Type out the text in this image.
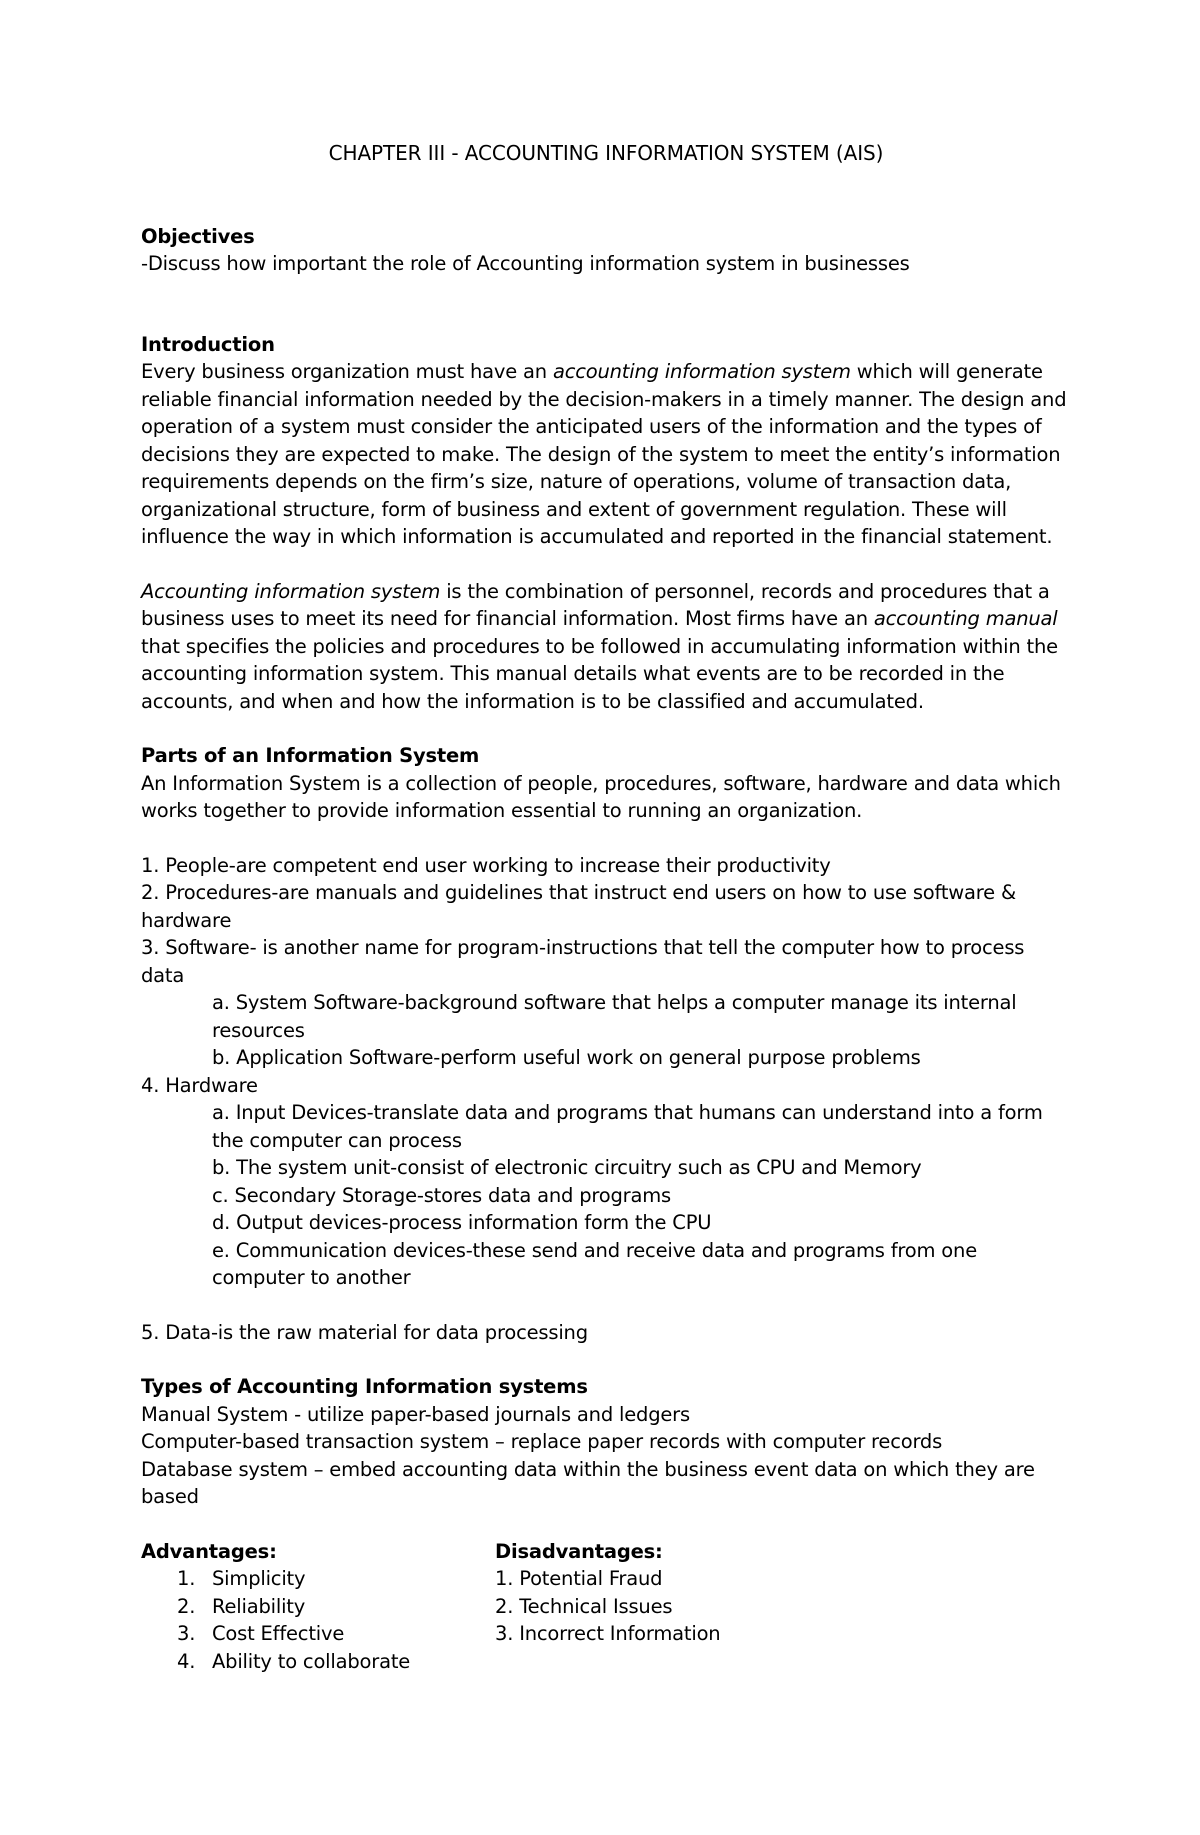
CHAPTER III - ACCOUNTING INFORMATION SYSTEM (AIS)

Objectives

-Discuss how important the role of Accounting information system in businesses

Introduction

Every business organization must have an accounting information system which will generate reliable financial information needed by the decision-makers in a timely manner. The design and operation of a system must consider the anticipated users of the information and the types of decisions they are expected to make. The design of the system to meet the entity’s information requirements depends on the firm’s size, nature of operations, volume of transaction data, organizational structure, form of business and extent of government regulation. These will influence the way in which information is accumulated and reported in the financial statement.

Accounting information system is the combination of personnel, records and procedures that a business uses to meet its need for financial information. Most firms have an accounting manual that specifies the policies and procedures to be followed in accumulating information within the accounting information system. This manual details what events are to be recorded in the accounts, and when and how the information is to be classified and accumulated.

Parts of an Information System

An Information System is a collection of people, procedures, software, hardware and data which works together to provide information essential to running an organization.

1. People-are competent end user working to increase their productivity
2. Procedures-are manuals and guidelines that instruct end users on how to use software & hardware
3. Software- is another name for program-instructions that tell the computer how to process data
a. System Software-background software that helps a computer manage its internal resources
b. Application Software-perform useful work on general purpose problems
4. Hardware
a. Input Devices-translate data and programs that humans can understand into a form the computer can process
b. The system unit-consist of electronic circuitry such as CPU and Memory
c. Secondary Storage-stores data and programs
d. Output devices-process information form the CPU
e. Communication devices-these send and receive data and programs from one computer to another

5. Data-is the raw material for data processing

Types of Accounting Information systems

Manual System - utilize paper-based journals and ledgers

Computer-based transaction system – replace paper records with computer records

Database system – embed accounting data within the business event data on which they are based

Advantages:

1. Simplicity
2. Reliability
3. Cost Effective
4. Ability to collaborate

Disadvantages:

1. Potential Fraud

2. Technical Issues

3. Incorrect Information
